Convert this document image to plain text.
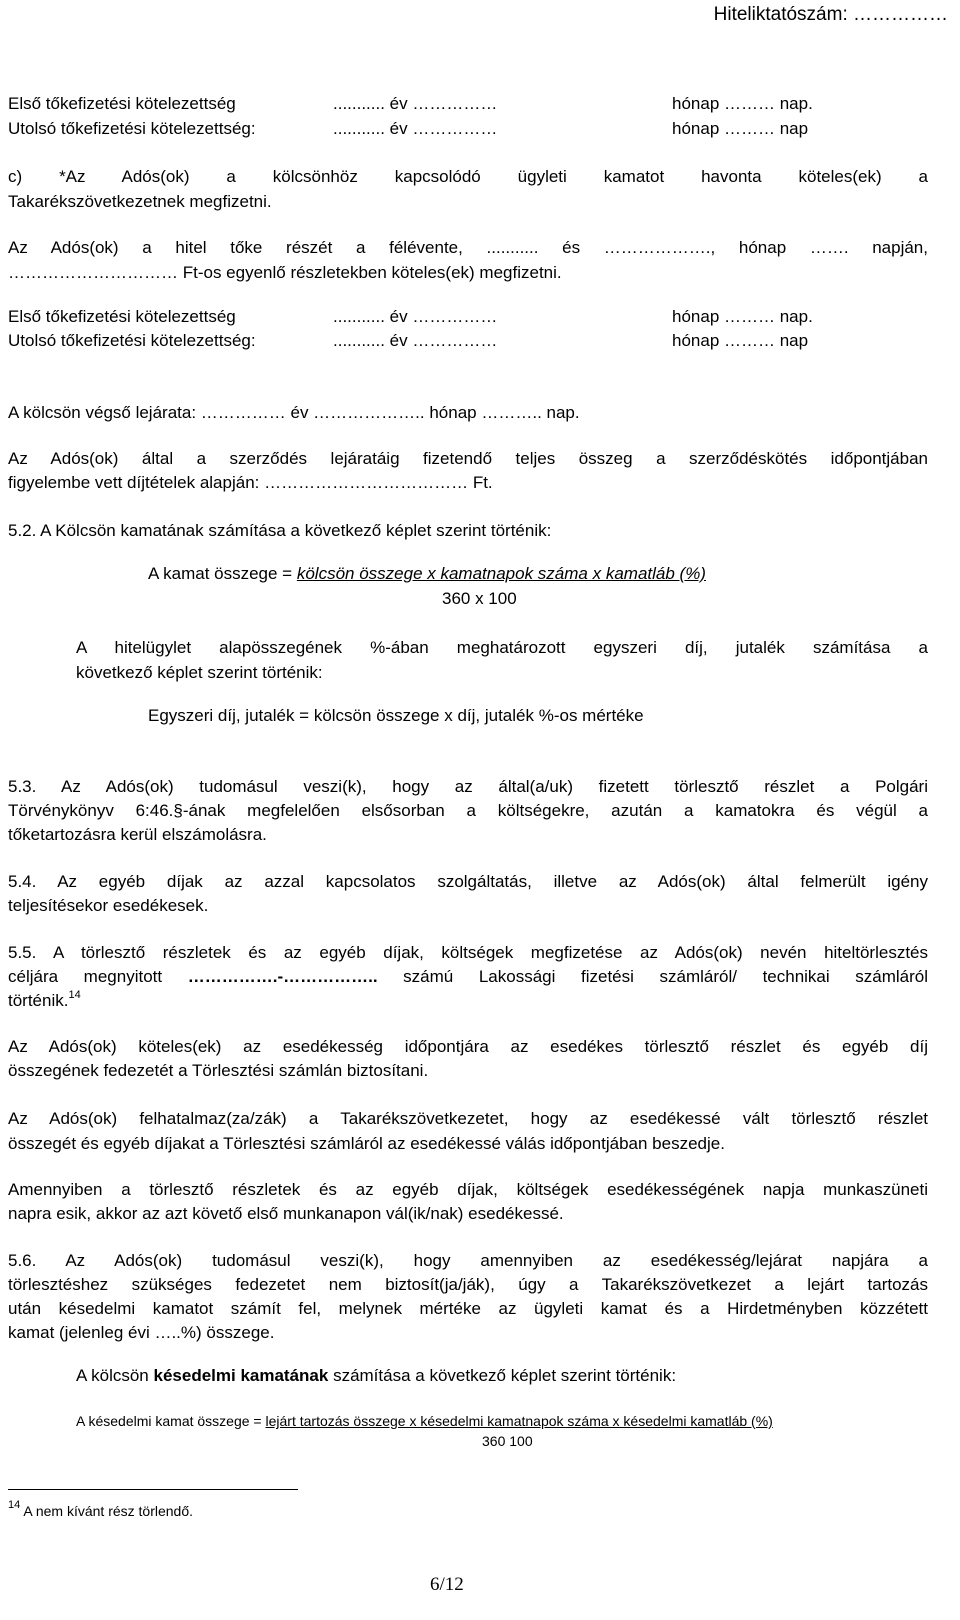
Hiteliktatószám: ……………
Első tőkefizetési kötelezettség	........... év ……………	hónap ……… nap.
Utolsó tőkefizetési kötelezettség:	........... év ……………	hónap ……… nap
c) *Az Adós(ok) a kölcsönhöz kapcsolódó ügyleti kamatot havonta köteles(ek) a
Takarékszövetkezetnek megfizetni.
Az Adós(ok) a hitel tőke részét a félévente, ........... és ………………., hónap ……. napján,
………………………… Ft-os egyenlő részletekben köteles(ek) megfizetni.
Első tőkefizetési kötelezettség	........... év ……………	hónap ……… nap.
Utolsó tőkefizetési kötelezettség:	........... év ……………	hónap ……… nap
A kölcsön végső lejárata: …………… év ……………….. hónap ……….. nap.
Az Adós(ok) által a szerződés lejáratáig fizetendő teljes összeg a szerződéskötés időpontjában
figyelembe vett díjtételek alapján: ……………………………… Ft.
5.2. A Kölcsön kamatának számítása a következő képlet szerint történik:
A kamat összege = kölcsön összege x kamatnapok száma x kamatláb (%)
360 x 100
A hitelügylet alapösszegének %-ában meghatározott egyszeri díj, jutalék számítása a
következő képlet szerint történik:
Egyszeri díj, jutalék = kölcsön összege x díj, jutalék %-os mértéke
5.3. Az Adós(ok) tudomásul veszi(k), hogy az által(a/uk) fizetett törlesztő részlet a Polgári
Törvénykönyv 6:46.§-ának megfelelően elsősorban a költségekre, azután a kamatokra és végül a
tőketartozásra kerül elszámolásra.
5.4. Az egyéb díjak az azzal kapcsolatos szolgáltatás, illetve az Adós(ok) által felmerült igény
teljesítésekor esedékesek.
5.5. A törlesztő részletek és az egyéb díjak, költségek megfizetése az Adós(ok) nevén hiteltörlesztés
céljára megnyitott …………….-…………….. számú Lakossági fizetési számláról/ technikai számláról
történik.$^{14}$
Az Adós(ok) köteles(ek) az esedékesség időpontjára az esedékes törlesztő részlet és egyéb díj
összegének fedezetét a Törlesztési számlán biztosítani.
Az Adós(ok) felhatalmaz(za/zák) a Takarékszövetkezetet, hogy az esedékessé vált törlesztő részlet
összegét és egyéb díjakat a Törlesztési számláról az esedékessé válás időpontjában beszedje.
Amennyiben a törlesztő részletek és az egyéb díjak, költségek esedékességének napja munkaszüneti
napra esik, akkor az azt követő első munkanapon vál(ik/nak) esedékessé.
5.6. Az Adós(ok) tudomásul veszi(k), hogy amennyiben az esedékesség/lejárat napjára a
törlesztéshez szükséges fedezetet nem biztosít(ja/ják), úgy a Takarékszövetkezet a lejárt tartozás
után késedelmi kamatot számít fel, melynek mértéke az ügyleti kamat és a Hirdetményben közzétett
kamat (jelenleg évi …..%) összege.
A kölcsön késedelmi kamatának számítása a következő képlet szerint történik:
A késedelmi kamat összege = lejárt tartozás összege x késedelmi kamatnapok száma x késedelmi kamatláb (%)
360 100
$^{14}$ A nem kívánt rész törlendő.
6/12
